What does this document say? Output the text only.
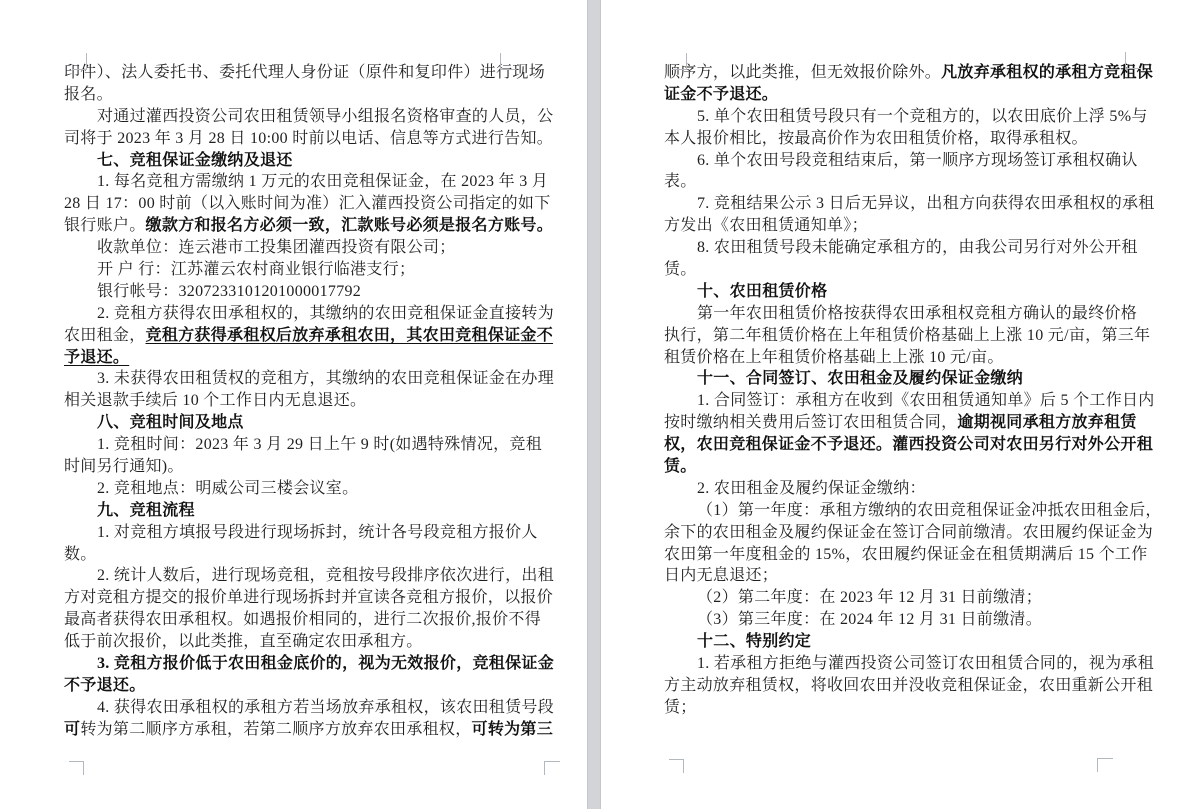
印件）、法人委托书、委托代理人身份证（原件和复印件）进行现场
报名。
对通过灌西投资公司农田租赁领导小组报名资格审查的人员，公
司将于 2023 年 3 月 28 日 10:00 时前以电话、信息等方式进行告知。
七、竞租保证金缴纳及退还
1. 每名竞租方需缴纳 1 万元的农田竞租保证金，在 2023 年 3 月
28 日 17：00 时前（以入账时间为准）汇入灌西投资公司指定的如下
银行账户。缴款方和报名方必须一致，汇款账号必须是报名方账号。
收款单位：连云港市工投集团灌西投资有限公司；
开 户 行：江苏灌云农村商业银行临港支行；
银行帐号：3207233101201000017792
2. 竞租方获得农田承租权的，其缴纳的农田竞租保证金直接转为
农田租金，竞租方获得承租权后放弃承租农田，其农田竞租保证金不
予退还。
3. 未获得农田租赁权的竞租方，其缴纳的农田竞租保证金在办理
相关退款手续后 10 个工作日内无息退还。
八、竞租时间及地点
1. 竞租时间：2023 年 3 月 29 日上午 9 时(如遇特殊情况，竞租
时间另行通知)。
2. 竞租地点：明威公司三楼会议室。
九、竞租流程
1. 对竞租方填报号段进行现场拆封，统计各号段竞租方报价人
数。
2. 统计人数后，进行现场竞租，竞租按号段排序依次进行，出租
方对竞租方提交的报价单进行现场拆封并宣读各竞租方报价，以报价
最高者获得农田承租权。如遇报价相同的，进行二次报价,报价不得
低于前次报价，以此类推，直至确定农田承租方。
3. 竞租方报价低于农田租金底价的，视为无效报价，竞租保证金
不予退还。
4. 获得农田承租权的承租方若当场放弃承租权，该农田租赁号段
可转为第二顺序方承租，若第二顺序方放弃农田承租权，可转为第三
顺序方，以此类推，但无效报价除外。凡放弃承租权的承租方竞租保
证金不予退还。
5. 单个农田租赁号段只有一个竞租方的，以农田底价上浮 5%与
本人报价相比，按最高价作为农田租赁价格，取得承租权。
6. 单个农田号段竞租结束后，第一顺序方现场签订承租权确认
表。
7. 竞租结果公示 3 日后无异议，出租方向获得农田承租权的承租
方发出《农田租赁通知单》；
8. 农田租赁号段未能确定承租方的，由我公司另行对外公开租
赁。
十、农田租赁价格
第一年农田租赁价格按获得农田承租权竞租方确认的最终价格
执行，第二年租赁价格在上年租赁价格基础上上涨 10 元/亩，第三年
租赁价格在上年租赁价格基础上上涨 10 元/亩。
十一、合同签订、农田租金及履约保证金缴纳
1. 合同签订：承租方在收到《农田租赁通知单》后 5 个工作日内
按时缴纳相关费用后签订农田租赁合同，逾期视同承租方放弃租赁
权，农田竞租保证金不予退还。灌西投资公司对农田另行对外公开租
赁。
2. 农田租金及履约保证金缴纳：
（1）第一年度：承租方缴纳的农田竞租保证金冲抵农田租金后，
余下的农田租金及履约保证金在签订合同前缴清。农田履约保证金为
农田第一年度租金的 15%，农田履约保证金在租赁期满后 15 个工作
日内无息退还；
（2）第二年度：在 2023 年 12 月 31 日前缴清；
（3）第三年度：在 2024 年 12 月 31 日前缴清。
十二、特别约定
1. 若承租方拒绝与灌西投资公司签订农田租赁合同的，视为承租
方主动放弃租赁权，将收回农田并没收竞租保证金，农田重新公开租
赁；
